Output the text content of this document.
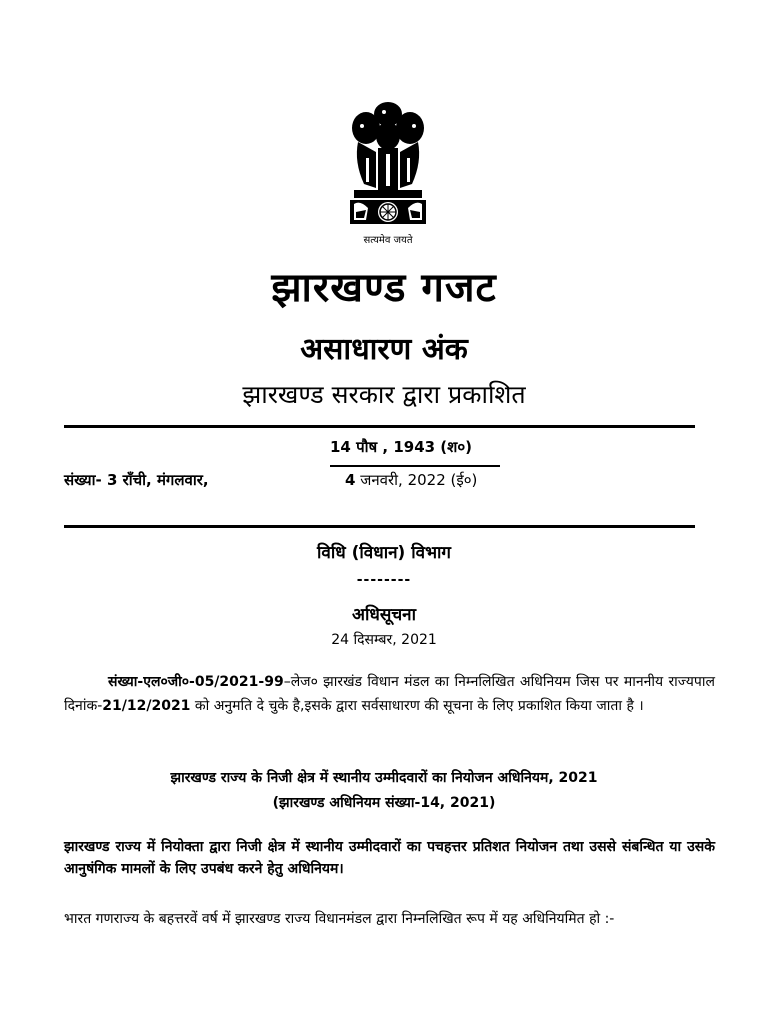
सत्यमेव जयते
झारखण्ड गजट
असाधारण अंक
झारखण्ड सरकार द्वारा प्रकाशित
14 पौष , 1943 (श०)
संख्या- 3 राँची, मंगलवार,	4 जनवरी, 2022 (ई०)
विधि (विधान) विभाग
--------
अधिसूचना
24 दिसम्बर, 2021

संख्या-एल०जी०-05/2021-99–लेज० झारखंड विधान मंडल का निम्नलिखित अधिनियम जिस पर माननीय राज्यपाल दिनांक-21/12/2021 को अनुमति दे चुके है,इसके द्वारा सर्वसाधारण की सूचना के लिए प्रकाशित किया जाता है ।

झारखण्ड राज्य के निजी क्षेत्र में स्थानीय उम्मीदवारों का नियोजन अधिनियम, 2021
(झारखण्ड अधिनियम संख्या-14, 2021)
झारखण्ड राज्य में नियोक्ता द्वारा निजी क्षेत्र में स्थानीय उम्मीदवारों का पचहत्तर प्रतिशत नियोजन तथा उससे संबन्धित या उसके आनुषंगिक मामलों के लिए उपबंध करने हेतु अधिनियम।
भारत गणराज्य के बहत्तरवें वर्ष में झारखण्ड राज्य विधानमंडल द्वारा निम्नलिखित रूप में यह अधिनियमित हो :-
